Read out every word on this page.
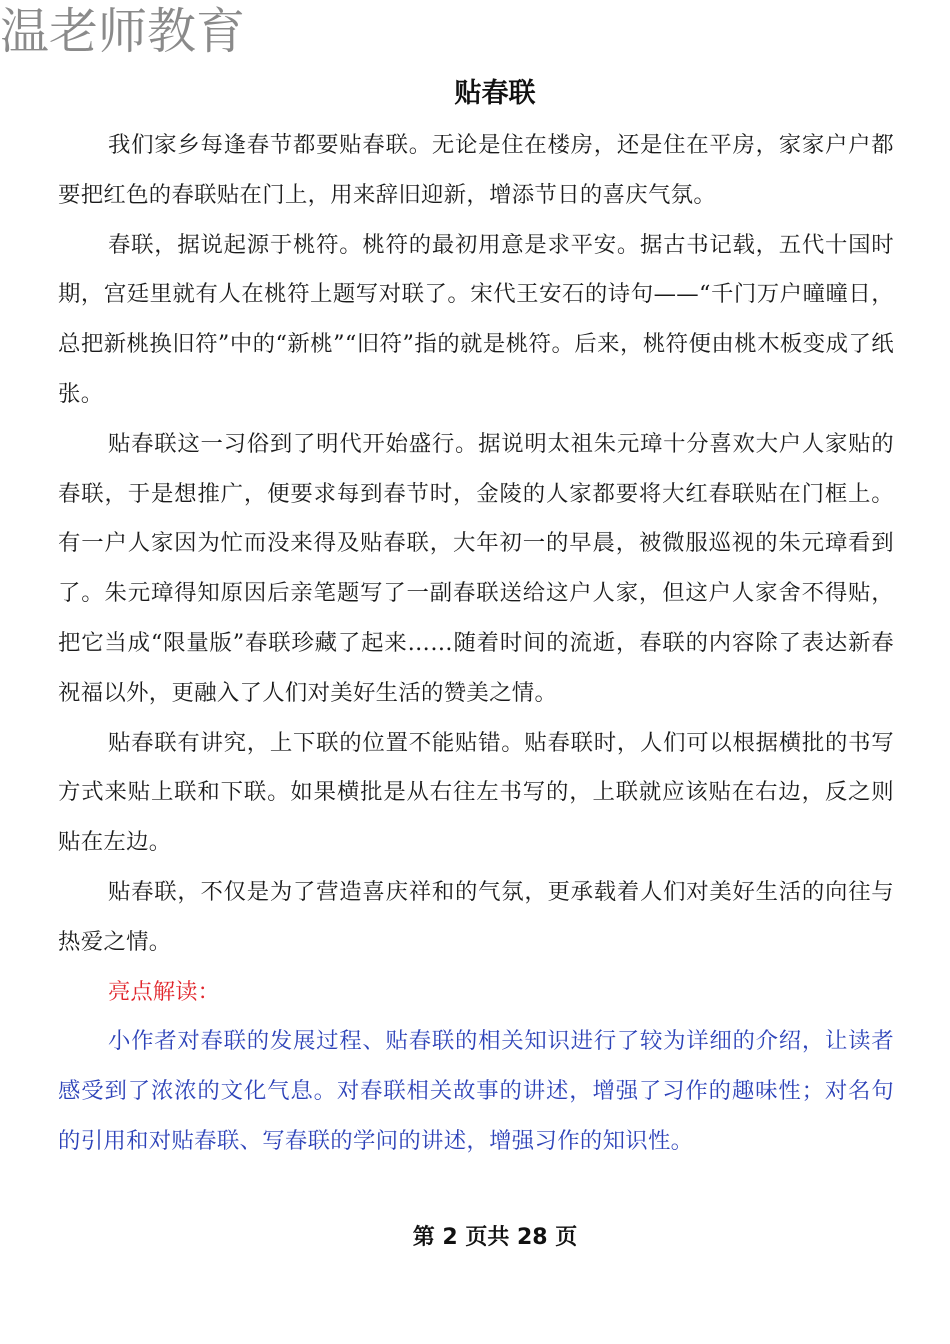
温老师教育
贴春联

我们家乡每逢春节都要贴春联。无论是住在楼房，还是住在平房，家家户户都要把红色的春联贴在门上，用来辞旧迎新，增添节日的喜庆气氛。

春联，据说起源于桃符。桃符的最初用意是求平安。据古书记载，五代十国时期，宫廷里就有人在桃符上题写对联了。宋代王安石的诗句——“千门万户曈曈日，总把新桃换旧符”中的“新桃”“旧符”指的就是桃符。后来，桃符便由桃木板变成了纸张。

贴春联这一习俗到了明代开始盛行。据说明太祖朱元璋十分喜欢大户人家贴的春联，于是想推广，便要求每到春节时，金陵的人家都要将大红春联贴在门框上。有一户人家因为忙而没来得及贴春联，大年初一的早晨，被微服巡视的朱元璋看到了。朱元璋得知原因后亲笔题写了一副春联送给这户人家，但这户人家舍不得贴，把它当成“限量版”春联珍藏了起来……随着时间的流逝，春联的内容除了表达新春祝福以外，更融入了人们对美好生活的赞美之情。

贴春联有讲究，上下联的位置不能贴错。贴春联时，人们可以根据横批的书写方式来贴上联和下联。如果横批是从右往左书写的，上联就应该贴在右边，反之则贴在左边。

贴春联，不仅是为了营造喜庆祥和的气氛，更承载着人们对美好生活的向往与热爱之情。

亮点解读：

小作者对春联的发展过程、贴春联的相关知识进行了较为详细的介绍，让读者感受到了浓浓的文化气息。对春联相关故事的讲述，增强了习作的趣味性；对名句的引用和对贴春联、写春联的学问的讲述，增强习作的知识性。

第 2 页共 28 页
